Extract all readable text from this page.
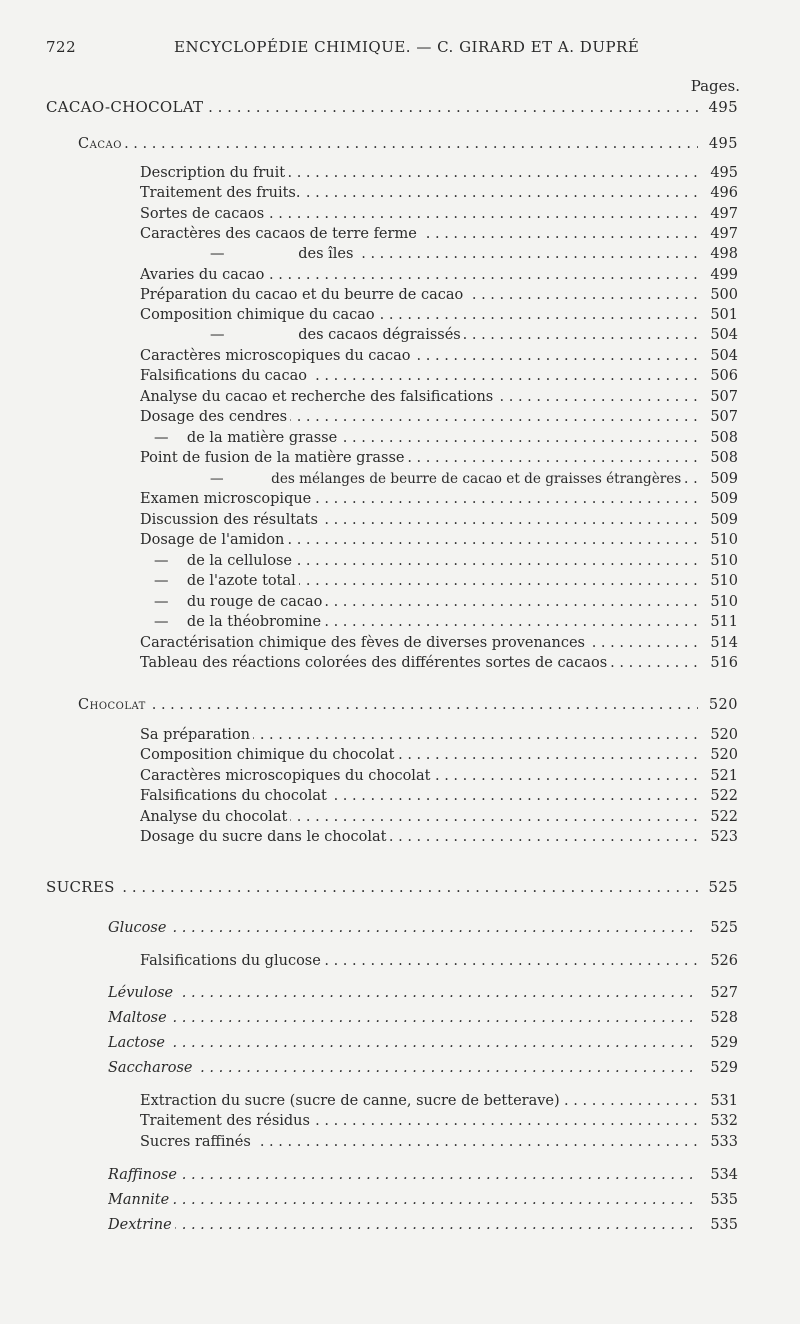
722	ENCYCLOPÉDIE CHIMIQUE. — C. GIRARD ET A. DUPRÉ
Pages.
. . .
CACAO-CHOCOLAT	495
. . .
Cacao	495
. . .
Description du fruit	495
. . .
Traitement des fruits.	496
. . .
Sortes de cacaos	497
. . .
Caractères des cacaos de terre ferme	497
. . .
—                des îles	498
. . .
Avaries du cacao	499
. . .
Préparation du cacao et du beurre de cacao	500
. . .
Composition chimique du cacao	501
. . .
—                des cacaos dégraissés	504
. . .
Caractères microscopiques du cacao	504
. . .
Falsifications du cacao	506
. . .
Analyse du cacao et recherche des falsifications	507
. . .
Dosage des cendres	507
. . .
—    de la matière grasse	508
. . .
Point de fusion de la matière grasse	508
. . .
—           des mélanges de beurre de cacao et de graisses étrangères	509
. . .
Examen microscopique	509
. . .
Discussion des résultats	509
. . .
Dosage de l'amidon	510
. . .
—    de la cellulose	510
. . .
—    de l'azote total	510
. . .
—    du rouge de cacao	510
. . .
—    de la théobromine	511
. . .
Caractérisation chimique des fèves de diverses provenances	514
. . .
Tableau des réactions colorées des différentes sortes de cacaos	516
. . .
Chocolat	520
. . .
Sa préparation	520
. . .
Composition chimique du chocolat	520
. . .
Caractères microscopiques du chocolat	521
. . .
Falsifications du chocolat	522
. . .
Analyse du chocolat	522
. . .
Dosage du sucre dans le chocolat	523
. . .
SUCRES	525
. . .
Glucose	525
. . .
Falsifications du glucose	526
. . .
Lévulose	527
. . .
Maltose	528
. . .
Lactose	529
. . .
Saccharose	529
. . .
Extraction du sucre (sucre de canne, sucre de betterave)	531
. . .
Traitement des résidus	532
. . .
Sucres raffinés	533
. . .
Raffinose	534
. . .
Mannite	535
. . .
Dextrine	535
